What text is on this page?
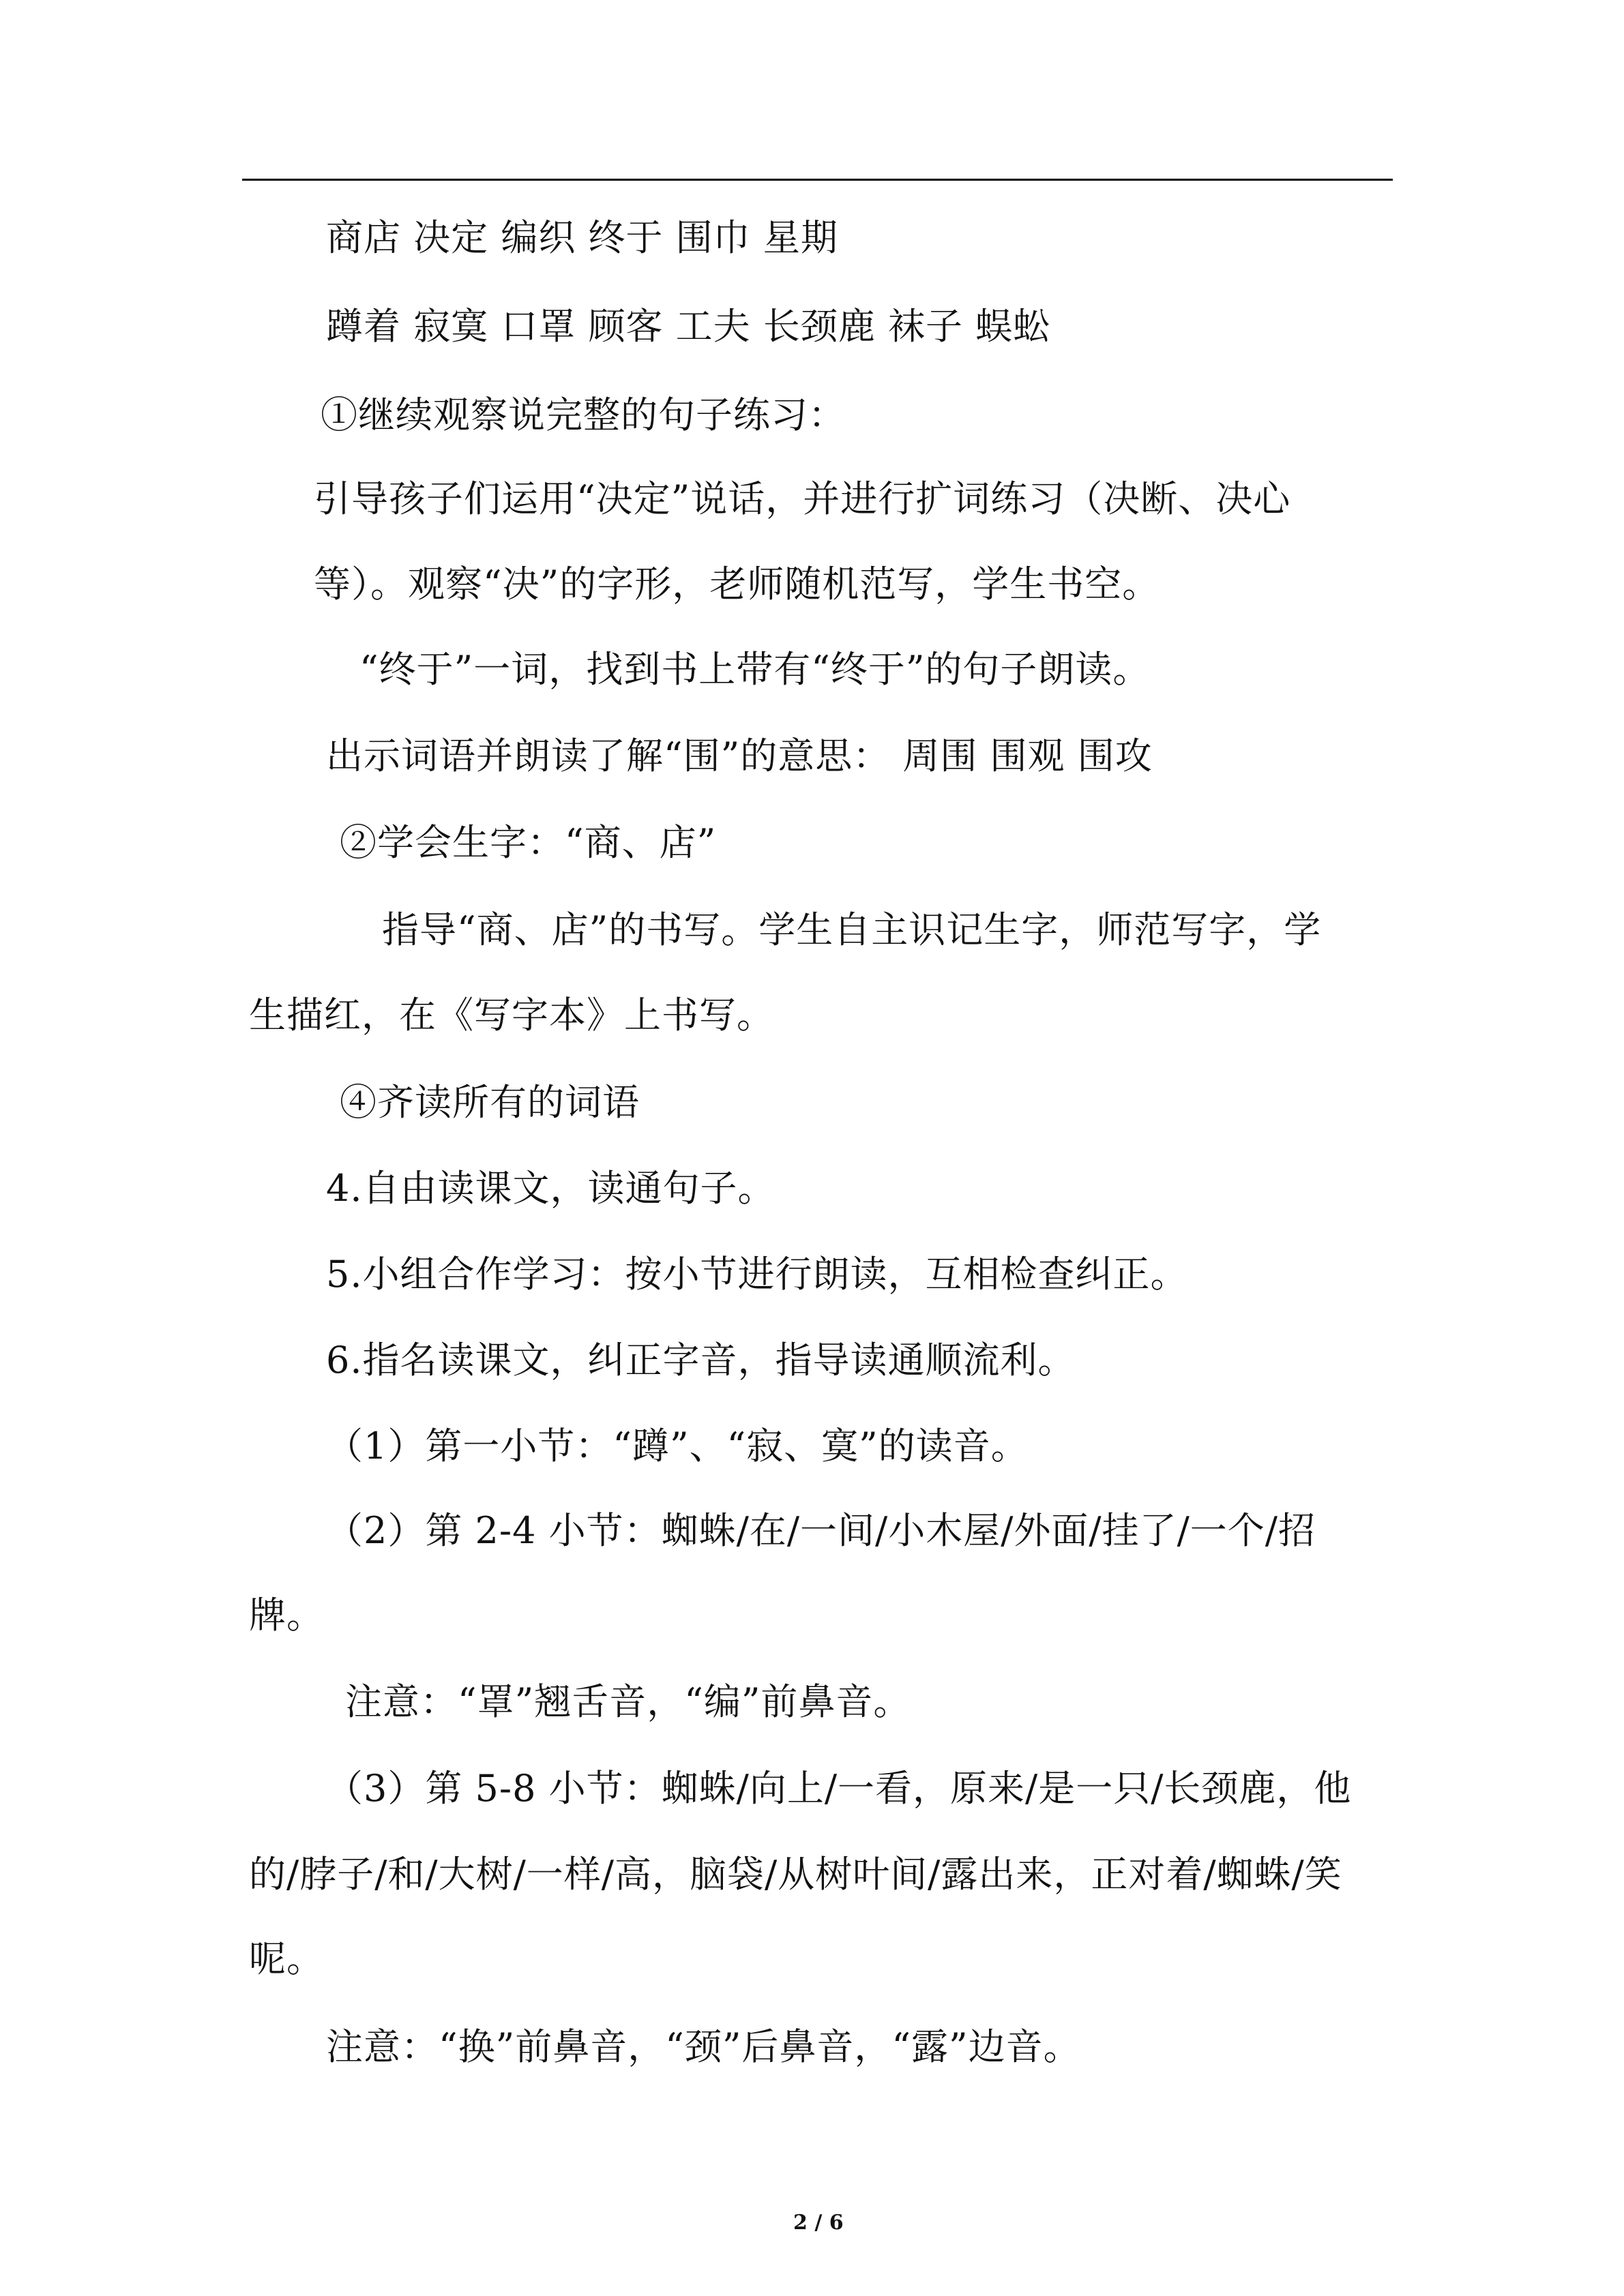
商店 决定 编织 终于 围巾 星期
蹲着 寂寞 口罩 顾客 工夫 长颈鹿 袜子 蜈蚣
①继续观察说完整的句子练习：
引导孩子们运用“决定”说话，并进行扩词练习（决断、决心
等）。观察“决”的字形，老师随机范写，学生书空。
“终于”一词，找到书上带有“终于”的句子朗读。
出示词语并朗读了解“围”的意思： 周围 围观 围攻
②学会生字：“商、店”
指导“商、店”的书写。学生自主识记生字，师范写字，学
生描红，在《写字本》上书写。
④齐读所有的词语
4.自由读课文，读通句子。
5.小组合作学习：按小节进行朗读，互相检查纠正。
6.指名读课文，纠正字音，指导读通顺流利。
（1）第一小节：“蹲”、“寂、寞”的读音。
（2）第 2-4 小节：蜘蛛/在/一间/小木屋/外面/挂了/一个/招
牌。
注意：“罩”翘舌音，“编”前鼻音。
（3）第 5-8 小节：蜘蛛/向上/一看，原来/是一只/长颈鹿，他
的/脖子/和/大树/一样/高，脑袋/从树叶间/露出来，正对着/蜘蛛/笑
呢。
注意：“换”前鼻音，“颈”后鼻音，“露”边音。
2 / 6
